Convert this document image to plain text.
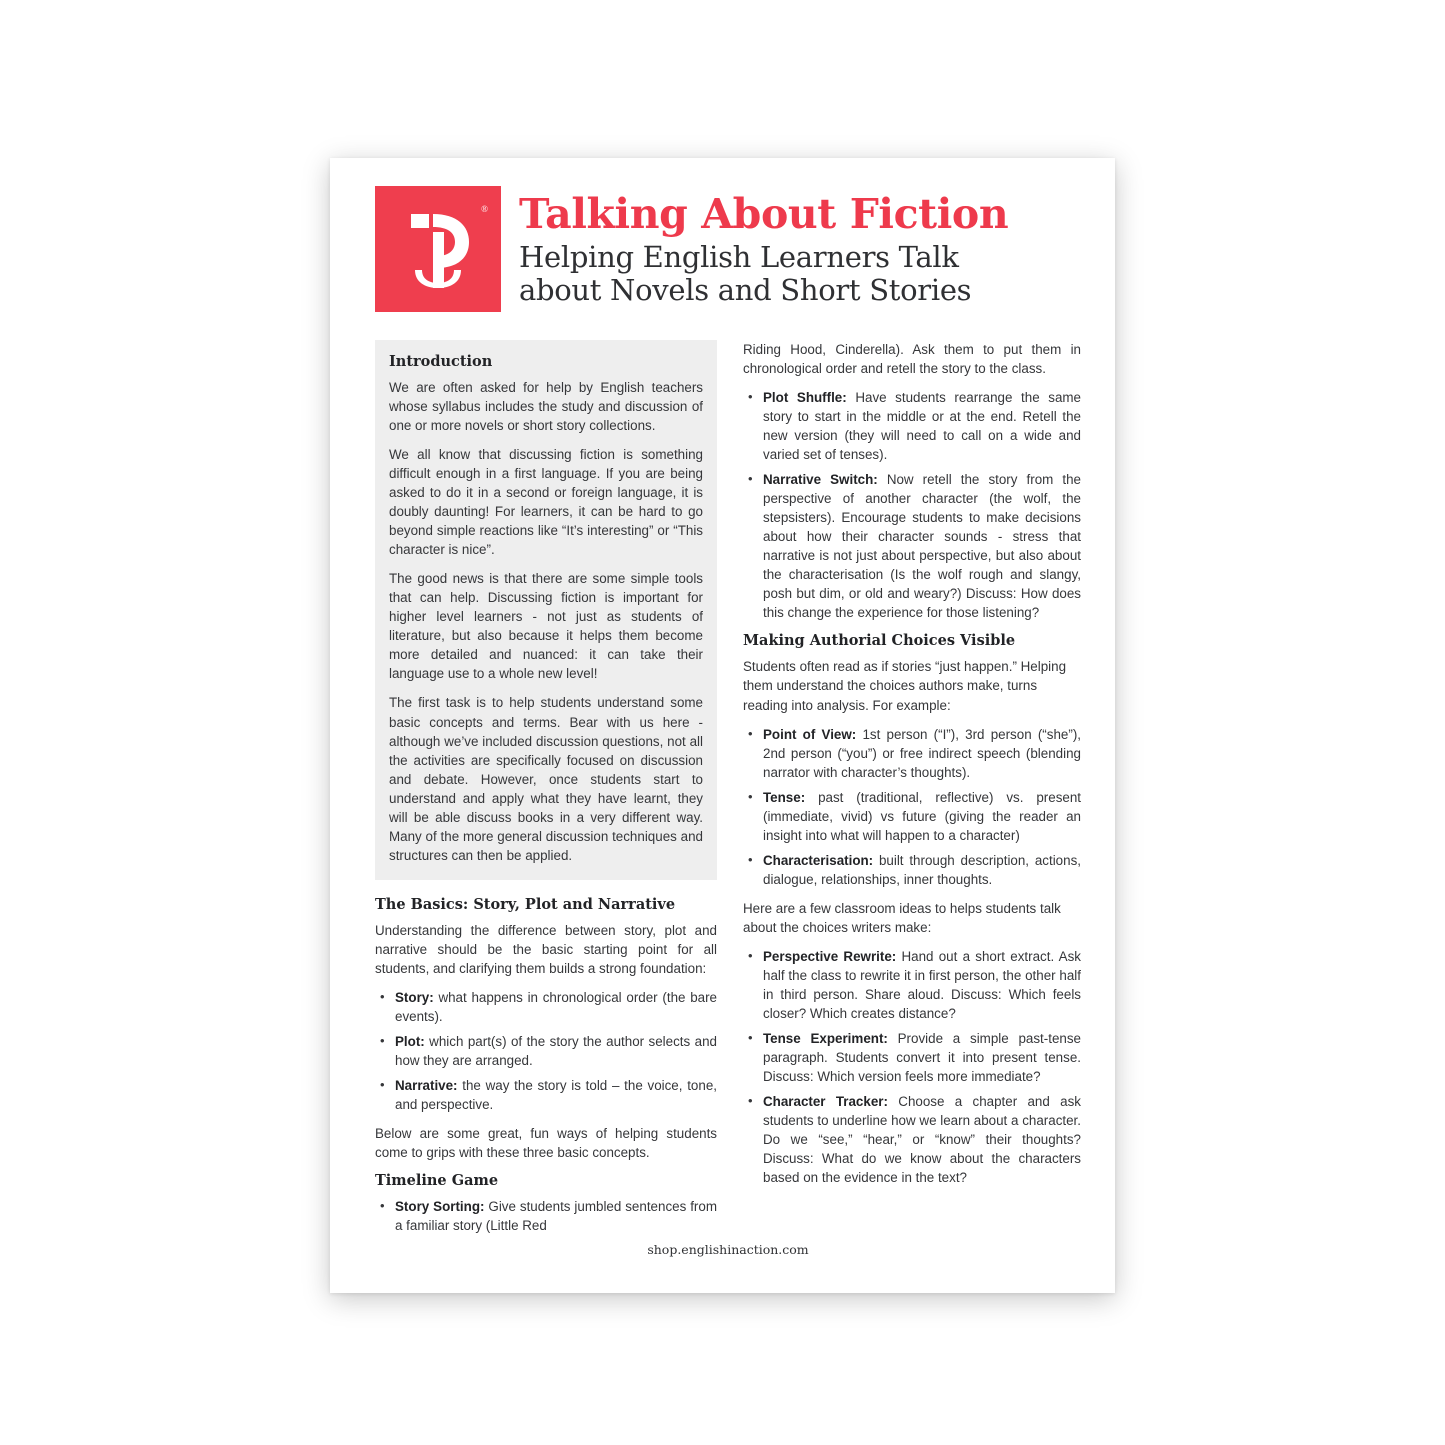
® Talking About Fiction
Helping English Learners Talk
about Novels and Short Stories
Introduction

We are often asked for help by English teachers whose syllabus includes the study and discussion of one or more novels or short story collections.

We all know that discussing fiction is something difficult enough in a first language. If you are being asked to do it in a second or foreign language, it is doubly daunting! For learners, it can be hard to go beyond simple reactions like “It’s interesting” or “This character is nice”.

The good news is that there are some simple tools that can help. Discussing fiction is important for higher level learners - not just as students of literature, but also because it helps them become more detailed and nuanced: it can take their language use to a whole new level!

The first task is to help students understand some basic concepts and terms. Bear with us here - although we’ve included discussion questions, not all the activities are specifically focused on discussion and debate. However, once students start to understand and apply what they have learnt, they will be able discuss books in a very different way. Many of the more general discussion techniques and structures can then be applied.

The Basics: Story, Plot and Narrative

Understanding the difference between story, plot and narrative should be the basic starting point for all students, and clarifying them builds a strong foundation:

• Story: what happens in chronological order (the bare events).
• Plot: which part(s) of the story the author selects and how they are arranged.
• Narrative: the way the story is told – the voice, tone, and perspective.

Below are some great, fun ways of helping students come to grips with these three basic concepts.

Timeline Game
• Story Sorting: Give students jumbled sentences from a familiar story (Little Red

Riding Hood, Cinderella). Ask them to put them in chronological order and retell the story to the class.

• Plot Shuffle: Have students rearrange the same story to start in the middle or at the end. Retell the new version (they will need to call on a wide and varied set of tenses).
• Narrative Switch: Now retell the story from the perspective of another character (the wolf, the stepsisters). Encourage students to make decisions about how their character sounds - stress that narrative is not just about perspective, but also about the characterisation (Is the wolf rough and slangy, posh but dim, or old and weary?) Discuss: How does this change the experience for those listening?
Making Authorial Choices Visible

Students often read as if stories “just happen.” Helping them understand the choices authors make, turns reading into analysis. For example:

• Point of View: 1st person (“I”), 3rd person (“she”), 2nd person (“you”) or free indirect speech (blending narrator with character’s thoughts).
• Tense: past (traditional, reflective) vs. present (immediate, vivid) vs future (giving the reader an insight into what will happen to a character)
• Characterisation: built through description, actions, dialogue, relationships, inner thoughts.

Here are a few classroom ideas to helps students talk about the choices writers make:

• Perspective Rewrite: Hand out a short extract. Ask half the class to rewrite it in first person, the other half in third person. Share aloud. Discuss: Which feels closer? Which creates distance?
• Tense Experiment: Provide a simple past-tense paragraph. Students convert it into present tense. Discuss: Which version feels more immediate?
• Character Tracker: Choose a chapter and ask students to underline how we learn about a character. Do we “see,” “hear,” or “know” their thoughts? Discuss: What do we know about the characters based on the evidence in the text?
shop.englishinaction.com
